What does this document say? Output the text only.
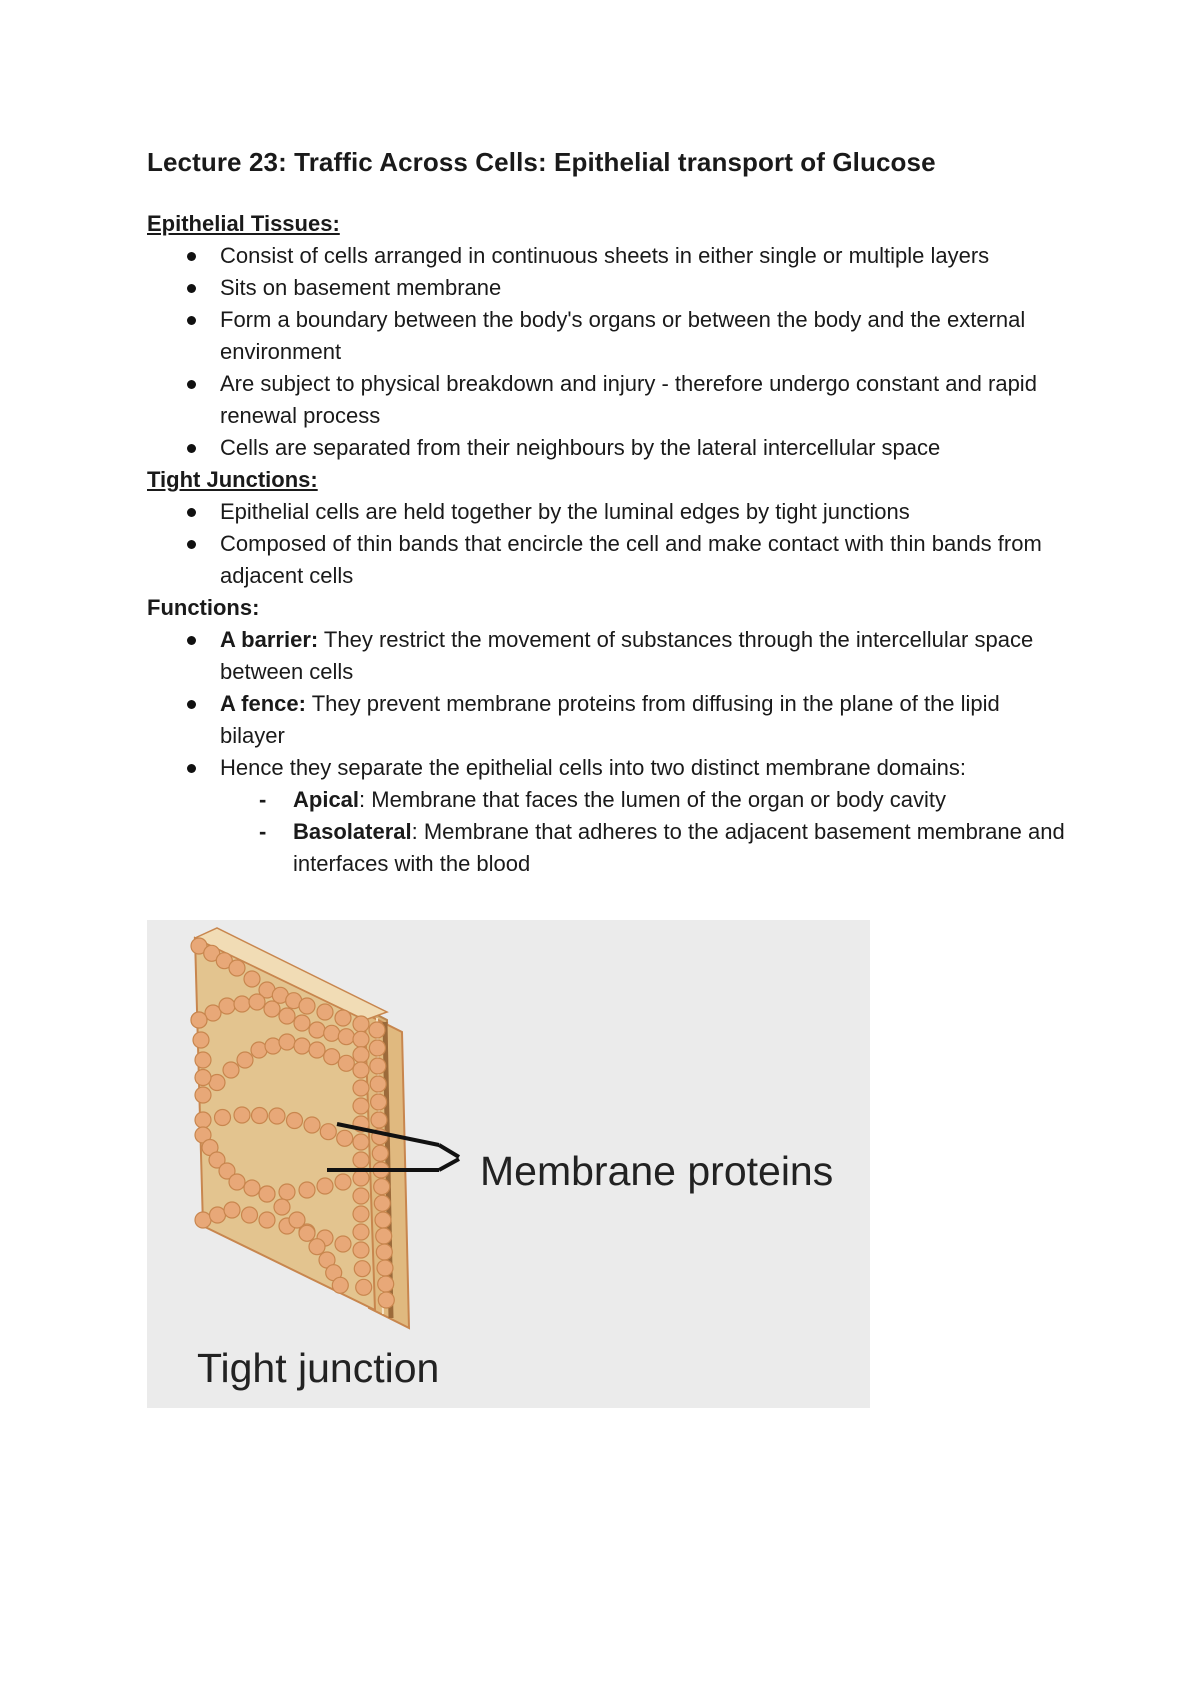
Lecture 23: Traffic Across Cells: Epithelial transport of Glucose

Epithelial Tissues:

Consist of cells arranged in continuous sheets in either single or multiple layers
Sits on basement membrane
Form a boundary between the body's organs or between the body and the external environment
Are subject to physical breakdown and injury - therefore undergo constant and rapid renewal process
Cells are separated from their neighbours by the lateral intercellular space

Tight Junctions:

Epithelial cells are held together by the luminal edges by tight junctions
Composed of thin bands that encircle the cell and make contact with thin bands from adjacent cells

Functions:

A barrier: They restrict the movement of substances through the intercellular space between cells
A fence: They prevent membrane proteins from diffusing in the plane of the lipid bilayer
Hence they separate the epithelial cells into two distinct membrane domains:
- Apical: Membrane that faces the lumen of the organ or body cavity
- Basolateral: Membrane that adheres to the adjacent basement membrane and interfaces with the blood
Membrane proteins
Tight junction
